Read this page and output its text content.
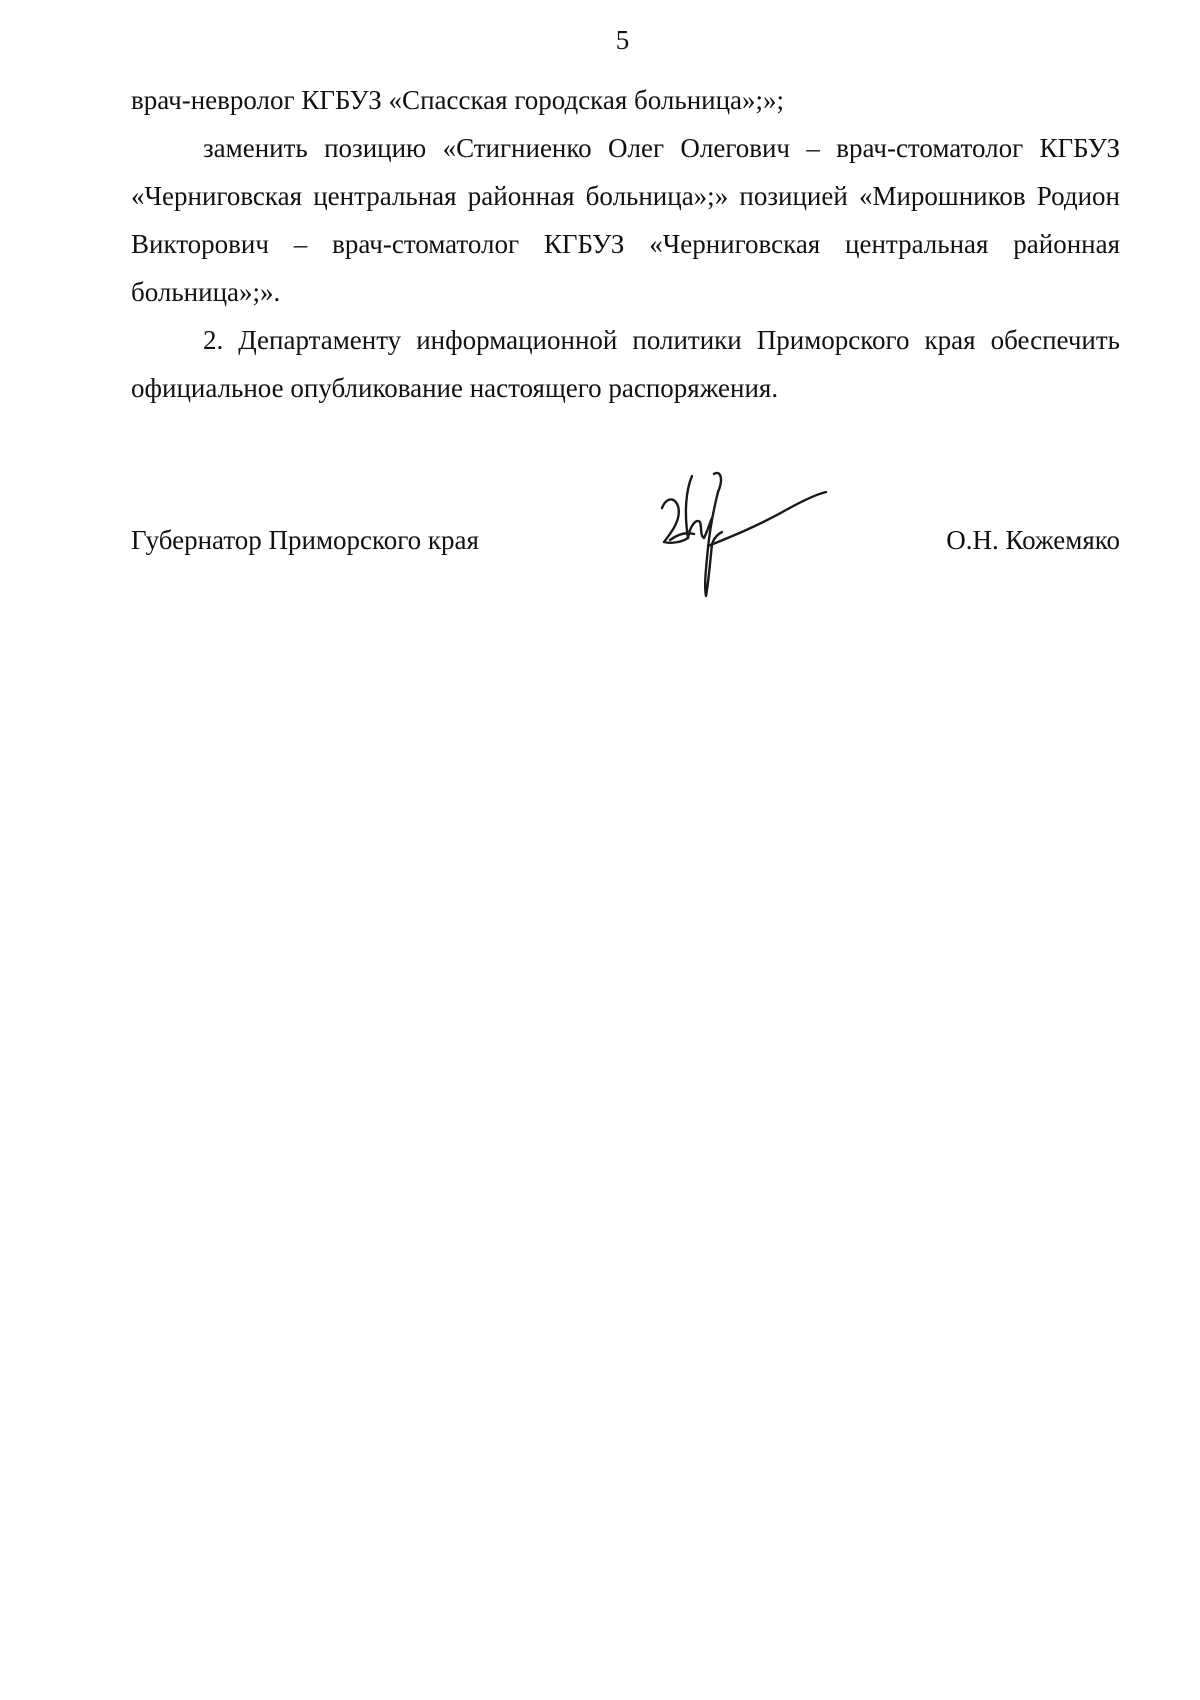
5

врач-невролог КГБУЗ «Спасская городская больница»;»;

заменить позицию «Стигниенко Олег Олегович – врач-стоматолог КГБУЗ «Черниговская центральная районная больница»;» позицией «Мирошников Родион Викторович – врач-стоматолог КГБУЗ «Черниговская центральная районная больница»;».

2. Департаменту информационной политики Приморского края обеспечить официальное опубликование настоящего распоряжения.

Губернатор Приморского края	О.Н. Кожемяко
